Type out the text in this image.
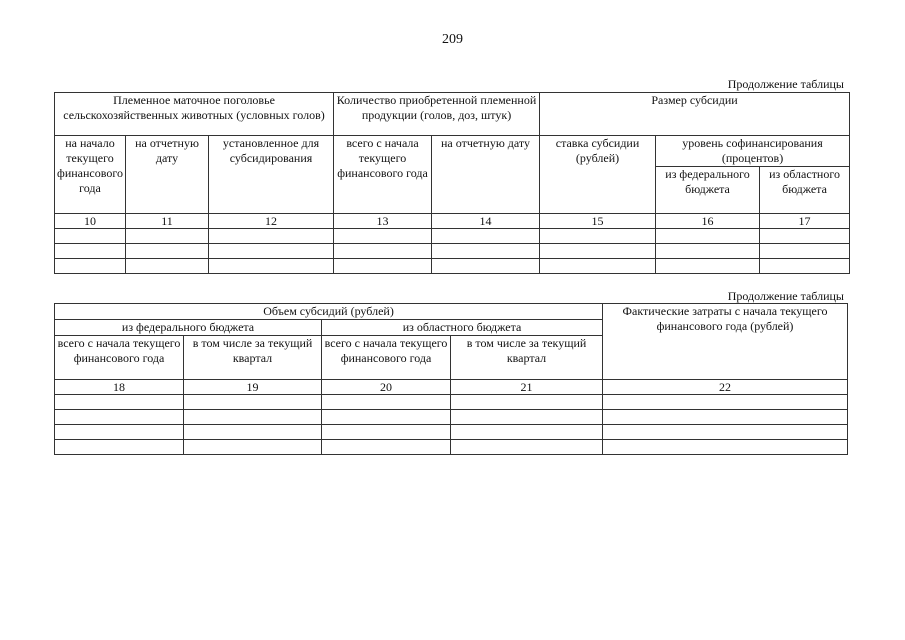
209
Продолжение таблицы
Племенное маточное поголовье сельскохозяйственных животных (условных голов)			Количество приобретенной племенной продукции (голов, доз, штук)		Размер субсидии		
на начало текущего финансового года	на отчетную дату	установленное для субсидирования	всего с начала текущего финансового года	на отчетную дату	ставка субсидии (рублей)	уровень софинансирования (процентов)	
						из федерального бюджета	из областного бюджета
10	11	12	13	14	15	16	17

Продолжение таблицы
Объем субсидий (рублей)				Фактические затраты с начала текущего финансового года (рублей)
из федерального бюджета		из областного бюджета		
всего с начала текущего финансового года	в том числе за текущий квартал	всего с начала текущего финансового года	в том числе за текущий квартал	
18	19	20	21	22
